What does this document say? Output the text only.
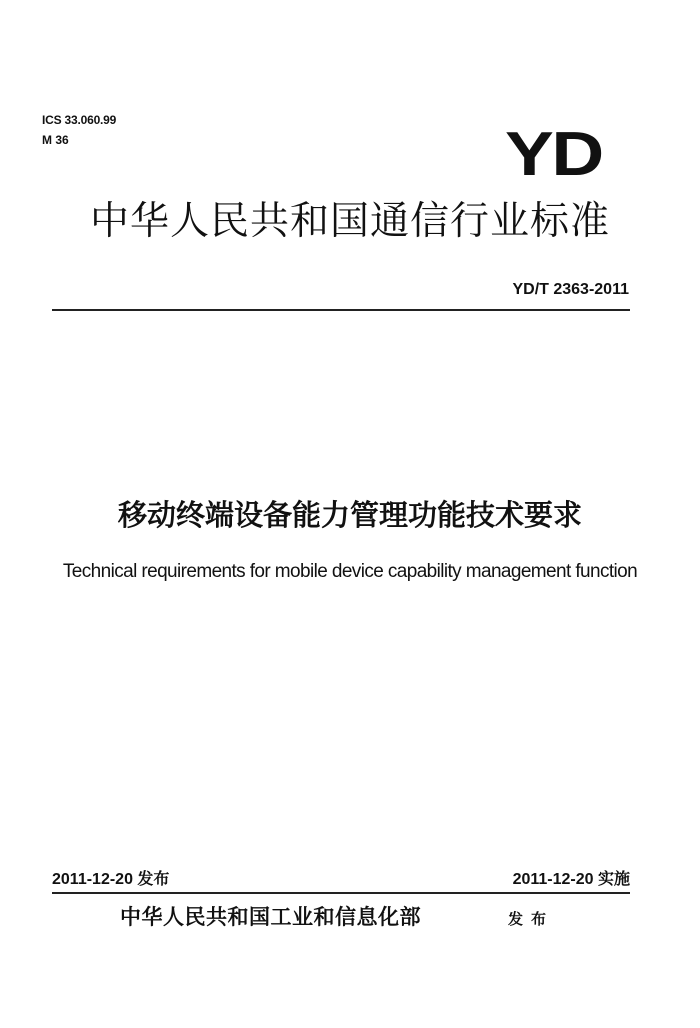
ICS 33.060.99
M 36	YD
中华人民共和国通信行业标准
YD/T 2363-2011
移动终端设备能力管理功能技术要求
Technical requirements for mobile device capability management function
2011-12-20 发布	2011-12-20 实施
中华人民共和国工业和信息化部	发布
